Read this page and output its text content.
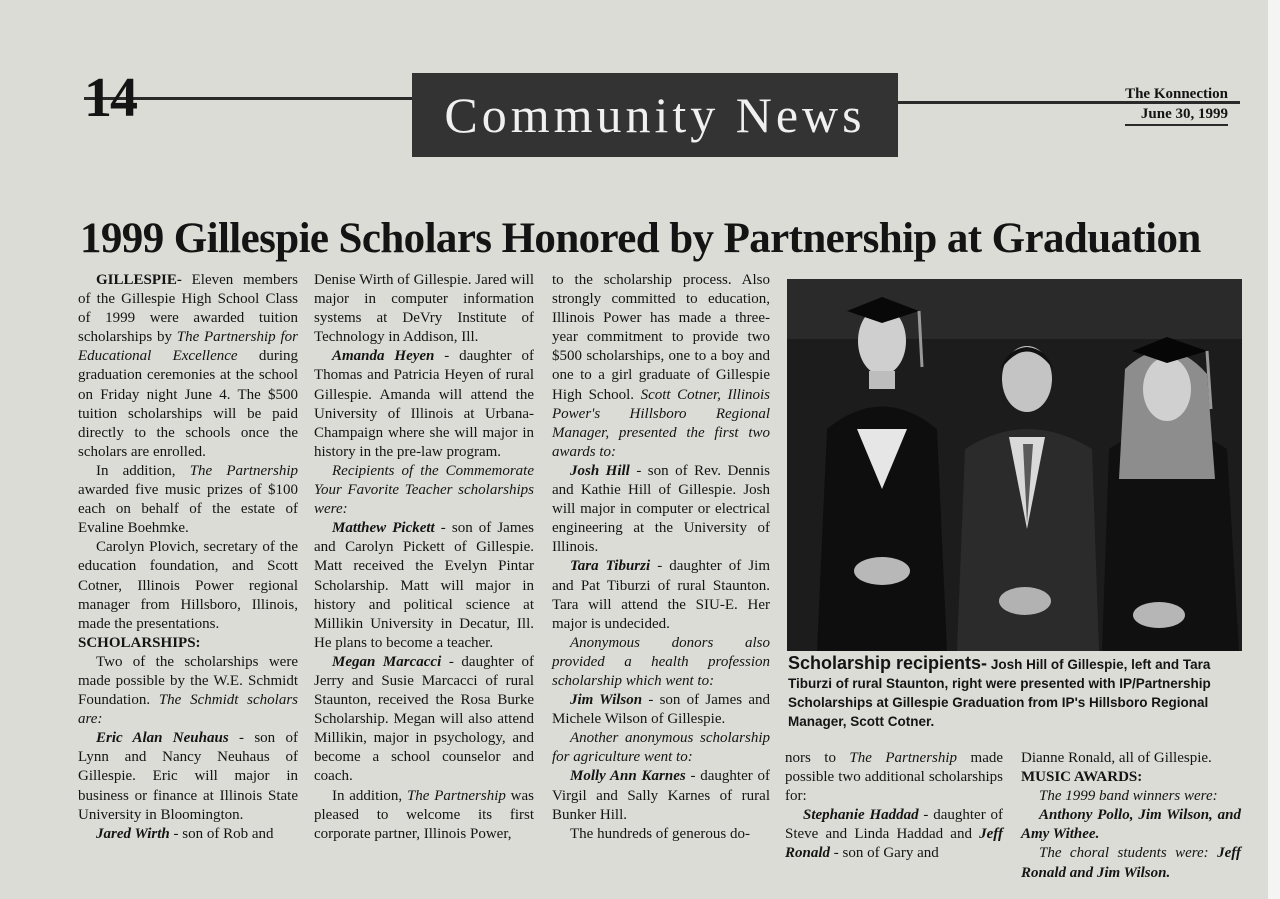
14	Community News	The Konnection
June 30, 1999
1999 Gillespie Scholars Honored by Partnership at Graduation

GILLESPIE- Eleven members of the Gillespie High School Class of 1999 were awarded tuition scholarships by The Partnership for Educational Excellence during graduation ceremonies at the school on Friday night June 4. The $500 tuition scholarships will be paid directly to the schools once the scholars are enrolled.

In addition, The Partnership awarded five music prizes of $100 each on behalf of the estate of Evaline Boehmke.

Carolyn Plovich, secretary of the education foundation, and Scott Cotner, Illinois Power regional manager from Hillsboro, Illinois, made the presentations.

SCHOLARSHIPS:

Two of the scholarships were made possible by the W.E. Schmidt Foundation. The Schmidt scholars are:

Eric Alan Neuhaus - son of Lynn and Nancy Neuhaus of Gillespie. Eric will major in business or finance at Illinois State University in Bloomington.

Jared Wirth - son of Rob and

Denise Wirth of Gillespie. Jared will major in computer information systems at DeVry Institute of Technology in Addison, Ill.

Amanda Heyen - daughter of Thomas and Patricia Heyen of rural Gillespie. Amanda will attend the University of Illinois at Urbana-Champaign where she will major in history in the pre-law program.

Recipients of the Commemorate Your Favorite Teacher scholarships were:

Matthew Pickett - son of James and Carolyn Pickett of Gillespie. Matt received the Evelyn Pintar Scholarship. Matt will major in history and political science at Millikin University in Decatur, Ill. He plans to become a teacher.

Megan Marcacci - daughter of Jerry and Susie Marcacci of rural Staunton, received the Rosa Burke Scholarship. Megan will also attend Millikin, major in psychology, and become a school counselor and coach.

In addition, The Partnership was pleased to welcome its first corporate partner, Illinois Power,

to the scholarship process. Also strongly committed to education, Illinois Power has made a three-year commitment to provide two $500 scholarships, one to a boy and one to a girl graduate of Gillespie High School. Scott Cotner, Illinois Power's Hillsboro Regional Manager, presented the first two awards to:

Josh Hill - son of Rev. Dennis and Kathie Hill of Gillespie. Josh will major in computer or electrical engineering at the University of Illinois.

Tara Tiburzi - daughter of Jim and Pat Tiburzi of rural Staunton. Tara will attend the SIU-E. Her major is undecided.

Anonymous donors also provided a health profession scholarship which went to:

Jim Wilson - son of James and Michele Wilson of Gillespie.

Another anonymous scholarship for agriculture went to:

Molly Ann Karnes - daughter of Virgil and Sally Karnes of rural Bunker Hill.

The hundreds of generous do-

Scholarship recipients- Josh Hill of Gillespie, left and Tara Tiburzi of rural Staunton, right were presented with IP/Partnership Scholarships at Gillespie Graduation from IP's Hillsboro Regional Manager, Scott Cotner.

nors to The Partnership made possible two additional scholarships for:

Stephanie Haddad - daughter of Steve and Linda Haddad and Jeff Ronald - son of Gary and

Dianne Ronald, all of Gillespie.

MUSIC AWARDS:

The 1999 band winners were:

Anthony Pollo, Jim Wilson, and Amy Withee.

The choral students were: Jeff Ronald and Jim Wilson.
